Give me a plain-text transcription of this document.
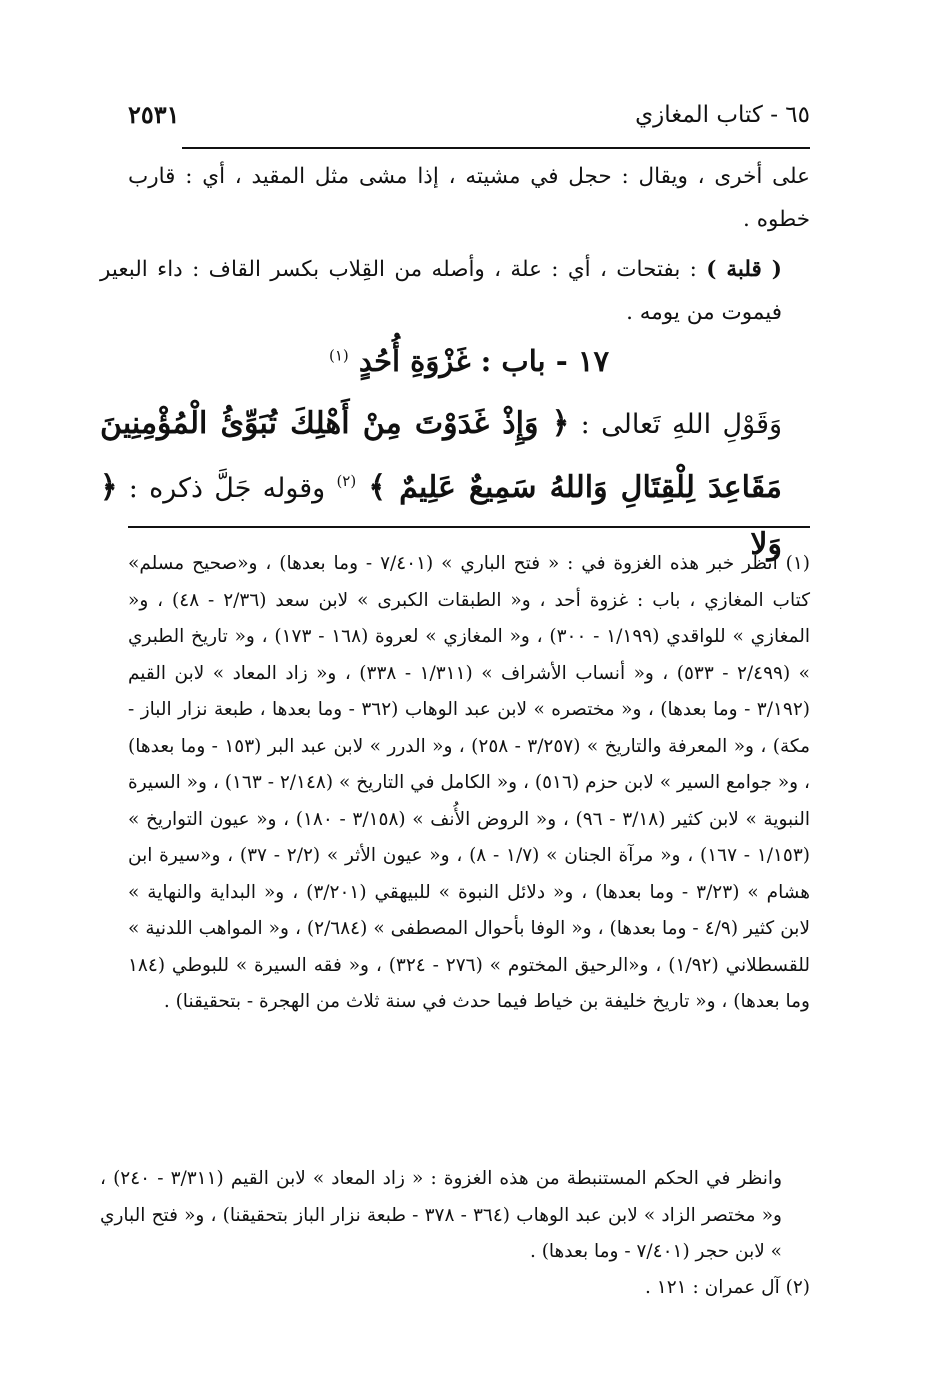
٦٥ - كتاب المغازي
٢٥٣١

على أخرى ، ويقال : حجل في مشيته ، إذا مشى مثل المقيد ، أي : قارب خطوه .

( قلبة ) : بفتحات ، أي : علة ، وأصله من القِلاب بكسر القاف : داء البعير فيموت من يومه .

١٧ - باب : غَزْوَةِ أُحُدٍ $^{(١)}$

وَقَوْلِ اللهِ تَعالى : ﴿ وَإِذْ غَدَوْتَ مِنْ أَهْلِكَ تُبَوِّئُ الْمُؤْمِنِينَ مَقَاعِدَ لِلْقِتَالِ وَاللهُ سَمِيعٌ عَلِيمٌ ﴾ $^{(٢)}$ وقوله جَلَّ ذكره : ﴿ وَلا

(١) انظر خبر هذه الغزوة في : « فتح الباري » (٧/٤٠١ - وما بعدها) ، و«صحيح مسلم» كتاب المغازي ، باب : غزوة أحد ، و« الطبقات الكبرى » لابن سعد (٢/٣٦ - ٤٨) ، و« المغازي » للواقدي (١/١٩٩ - ٣٠٠) ، و« المغازي » لعروة (١٦٨ - ١٧٣) ، و« تاريخ الطبري » (٢/٤٩٩ - ٥٣٣) ، و« أنساب الأشراف » (١/٣١١ - ٣٣٨) ، و« زاد المعاد » لابن القيم (٣/١٩٢ - وما بعدها) ، و« مختصره » لابن عبد الوهاب (٣٦٢ - وما بعدها ، طبعة نزار الباز - مكة) ، و« المعرفة والتاريخ » (٣/٢٥٧ - ٢٥٨) ، و« الدرر » لابن عبد البر (١٥٣ - وما بعدها) ، و« جوامع السير » لابن حزم (٥١٦) ، و« الكامل في التاريخ » (٢/١٤٨ - ١٦٣) ، و« السيرة النبوية » لابن كثير (٣/١٨ - ٩٦) ، و« الروض الأُنف » (٣/١٥٨ - ١٨٠) ، و« عيون التواريخ » (١/١٥٣ - ١٦٧) ، و« مرآة الجنان » (١/٧ - ٨) ، و« عيون الأثر » (٢/٢ - ٣٧) ، و«سيرة ابن هشام » (٣/٢٣ - وما بعدها) ، و« دلائل النبوة » للبيهقي (٣/٢٠١) ، و« البداية والنهاية » لابن كثير (٤/٩ - وما بعدها) ، و« الوفا بأحوال المصطفى » (٢/٦٨٤) ، و« المواهب اللدنية » للقسطلاني (١/٩٢) ، و«الرحيق المختوم » (٢٧٦ - ٣٢٤) ، و« فقه السيرة » للبوطي (١٨٤ وما بعدها) ، و« تاريخ خليفة بن خياط فيما حدث في سنة ثلاث من الهجرة - بتحقيقنا) .

وانظر في الحكم المستنبطة من هذه الغزوة : « زاد المعاد » لابن القيم (٣/٣١١ - ٢٤٠) ، و« مختصر الزاد » لابن عبد الوهاب (٣٦٤ - ٣٧٨ - طبعة نزار الباز بتحقيقنا) ، و« فتح الباري » لابن حجر (٧/٤٠١ - وما بعدها) .

(٢) آل عمران : ١٢١ .
